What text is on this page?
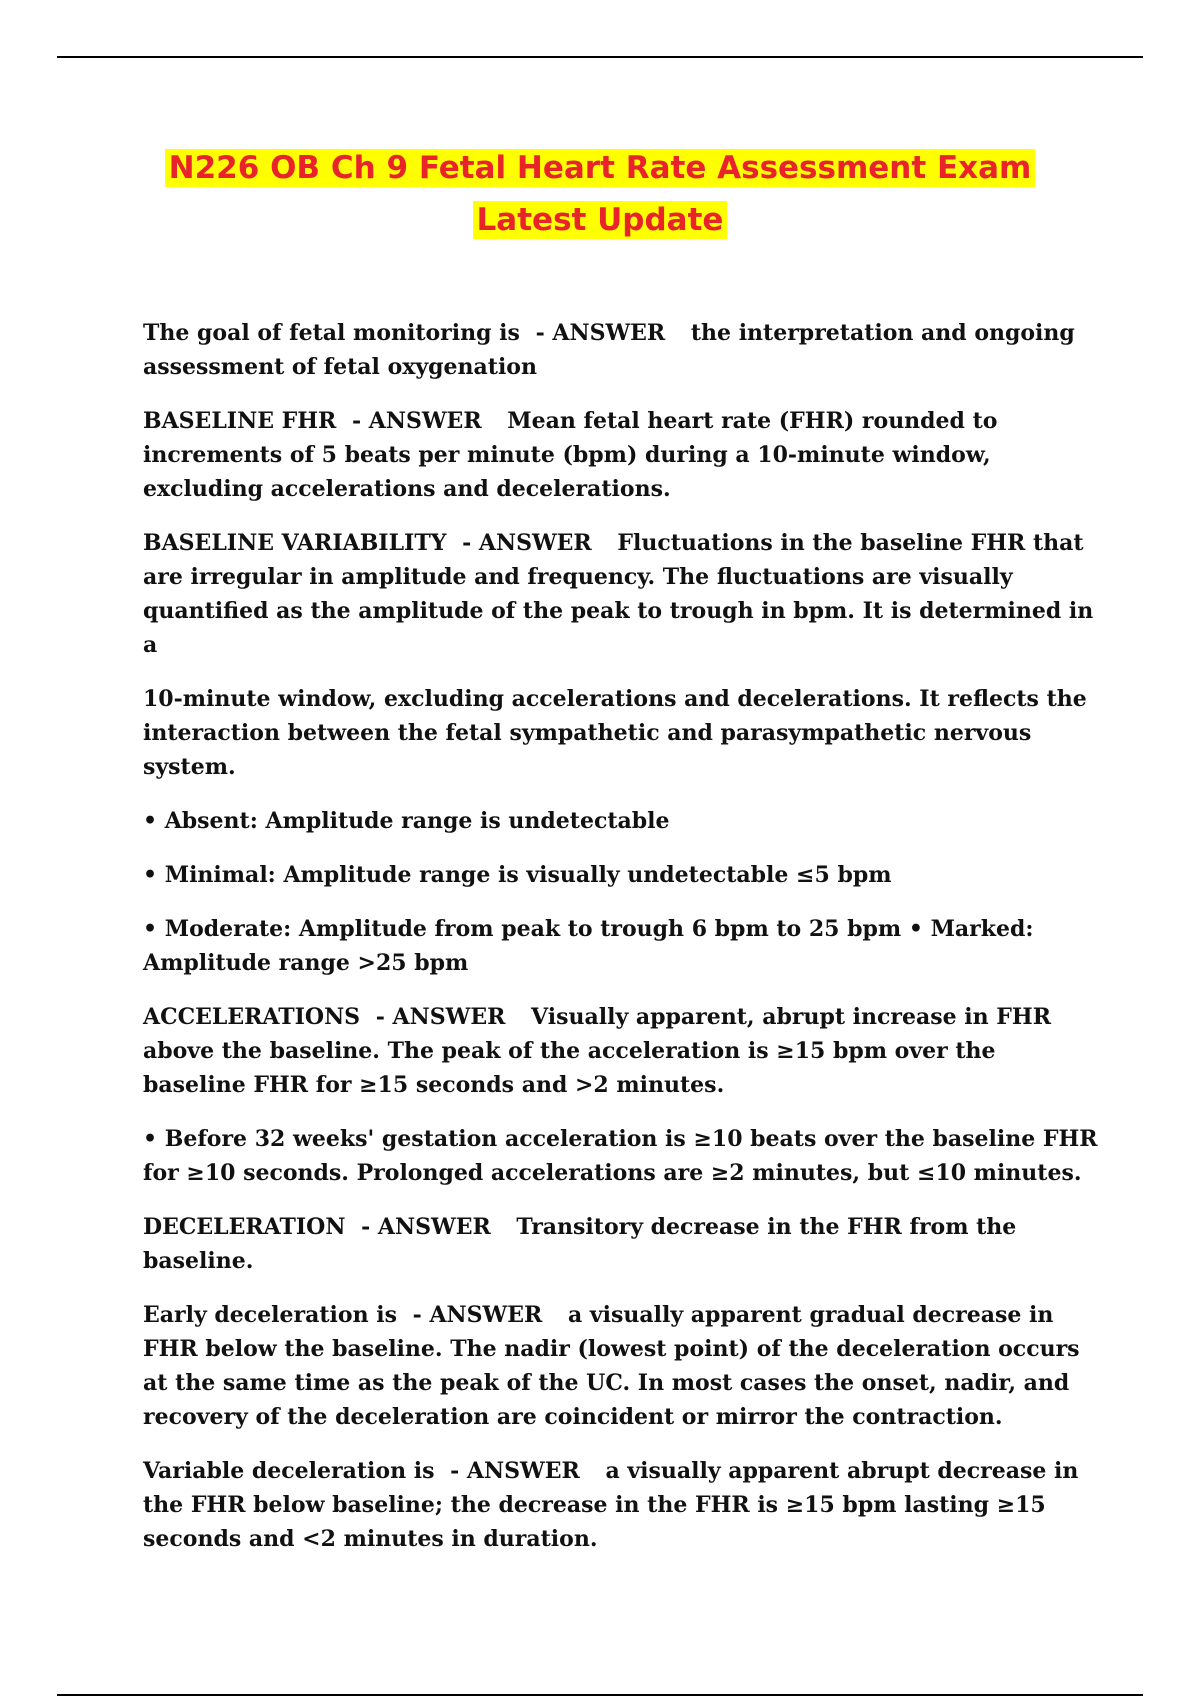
N226 OB Ch 9 Fetal Heart Rate Assessment Exam
Latest Update

The goal of fetal monitoring is - ANSWER the interpretation and ongoing assessment of fetal oxygenation

BASELINE FHR - ANSWER Mean fetal heart rate (FHR) rounded to increments of 5 beats per minute (bpm) during a 10-minute window, excluding accelerations and decelerations.

BASELINE VARIABILITY - ANSWER Fluctuations in the baseline FHR that are irregular in amplitude and frequency. The fluctuations are visually quantified as the amplitude of the peak to trough in bpm. It is determined in a

10-minute window, excluding accelerations and decelerations. It reflects the interaction between the fetal sympathetic and parasympathetic nervous system.

• Absent: Amplitude range is undetectable

• Minimal: Amplitude range is visually undetectable ≤5 bpm

• Moderate: Amplitude from peak to trough 6 bpm to 25 bpm • Marked: Amplitude range >25 bpm

ACCELERATIONS - ANSWER Visually apparent, abrupt increase in FHR above the baseline. The peak of the acceleration is ≥15 bpm over the baseline FHR for ≥15 seconds and >2 minutes.

• Before 32 weeks' gestation acceleration is ≥10 beats over the baseline FHR for ≥10 seconds. Prolonged accelerations are ≥2 minutes, but ≤10 minutes.

DECELERATION - ANSWER Transitory decrease in the FHR from the baseline.

Early deceleration is - ANSWER a visually apparent gradual decrease in FHR below the baseline. The nadir (lowest point) of the deceleration occurs at the same time as the peak of the UC. In most cases the onset, nadir, and recovery of the deceleration are coincident or mirror the contraction.

Variable deceleration is - ANSWER a visually apparent abrupt decrease in the FHR below baseline; the decrease in the FHR is ≥15 bpm lasting ≥15 seconds and <2 minutes in duration.
